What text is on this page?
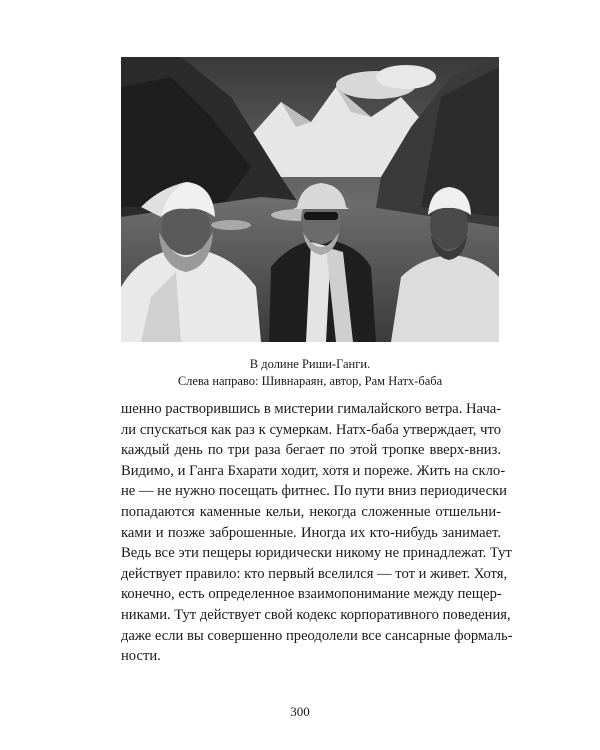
В долине Риши-Ганги.
Слева направо: Шивнараян, автор, Рам Натх-баба
шенно растворившись в мистерии гималайского ветра. Нача-
ли спускаться как раз к сумеркам. Натх-баба утверждает, что
каждый день по три раза бегает по этой тропке вверх-вниз.
Видимо, и Ганга Бхарати ходит, хотя и пореже. Жить на скло-
не — не нужно посещать фитнес. По пути вниз периодически
попадаются каменные кельи, некогда сложенные отшельни-
ками и позже заброшенные. Иногда их кто-нибудь занимает.
Ведь все эти пещеры юридически никому не принадлежат. Тут
действует правило: кто первый вселился — тот и живет. Хотя,
конечно, есть определенное взаимопонимание между пещер-
никами. Тут действует свой кодекс корпоративного поведения,
даже если вы совершенно преодолели все сансарные формаль-
ности.
300
